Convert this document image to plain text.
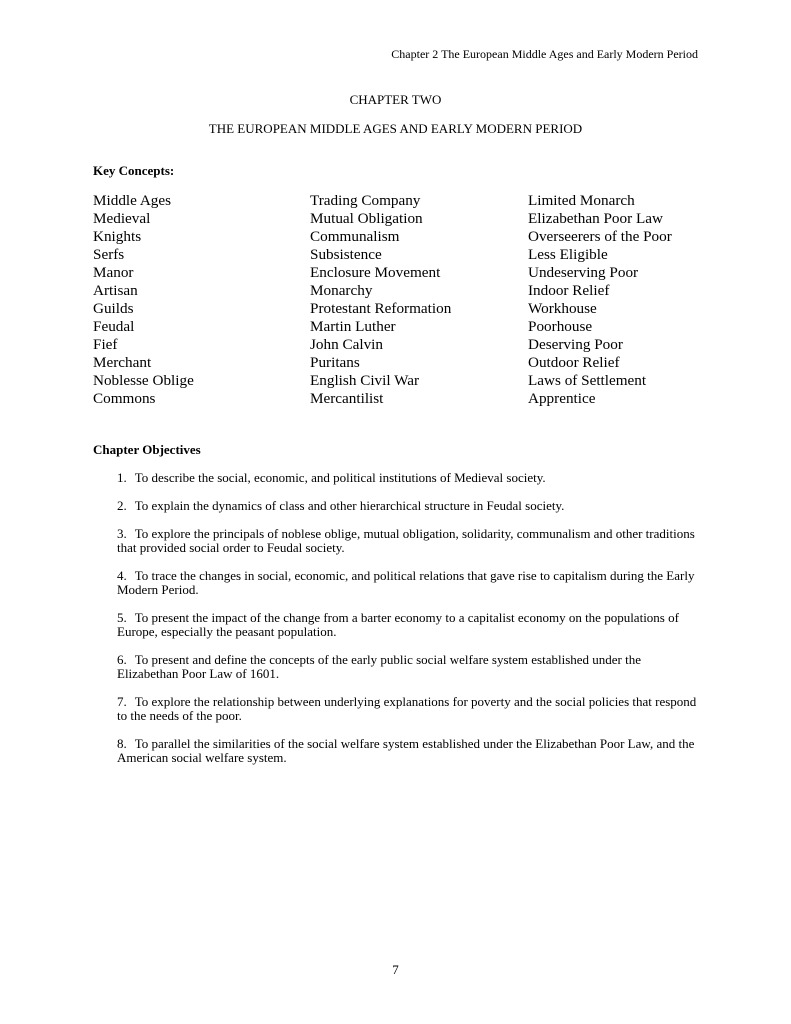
Chapter 2 The European Middle Ages and Early Modern Period
CHAPTER TWO
THE EUROPEAN MIDDLE AGES AND EARLY MODERN PERIOD
Key Concepts:
Middle Ages
Medieval
Knights
Serfs
Manor
Artisan
Guilds
Feudal
Fief
Merchant
Noblesse Oblige
Commons
Trading Company
Mutual Obligation
Communalism
Subsistence
Enclosure Movement
Monarchy
Protestant Reformation
Martin Luther
John Calvin
Puritans
English Civil War
Mercantilist
Limited Monarch
Elizabethan Poor Law
Overseerers of the Poor
Less Eligible
Undeserving Poor
Indoor Relief
Workhouse
Poorhouse
Deserving Poor
Outdoor Relief
Laws of Settlement
Apprentice
Chapter Objectives
1. To describe the social, economic, and political institutions of Medieval society.
2. To explain the dynamics of class and other hierarchical structure in Feudal society.
3. To explore the principals of noblese oblige, mutual obligation, solidarity, communalism and other traditions that provided social order to Feudal society.
4. To trace the changes in social, economic, and political relations that gave rise to capitalism during the Early Modern Period.
5. To present the impact of the change from a barter economy to a capitalist economy on the populations of Europe, especially the peasant population.
6. To present and define the concepts of the early public social welfare system established under the Elizabethan Poor Law of 1601.
7. To explore the relationship between underlying explanations for poverty and the social policies that respond to the needs of the poor.
8. To parallel the similarities of the social welfare system established under the Elizabethan Poor Law, and the American social welfare system.
7
